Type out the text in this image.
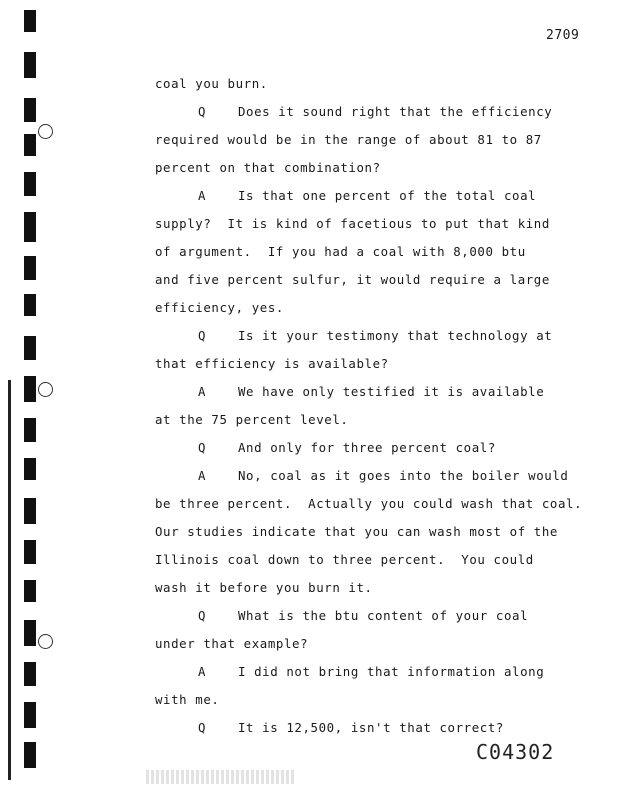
2709
coal you burn.
Q	Does it sound right that the efficiency
required would be in the range of about 81 to 87
percent on that combination?
A	Is that one percent of the total coal
supply?  It is kind of facetious to put that kind
of argument.  If you had a coal with 8,000 btu
and five percent sulfur, it would require a large
efficiency, yes.
Q	Is it your testimony that technology at
that efficiency is available?
A	We have only testified it is available
at the 75 percent level.
Q	And only for three percent coal?
A	No, coal as it goes into the boiler would
be three percent.  Actually you could wash that coal.
Our studies indicate that you can wash most of the
Illinois coal down to three percent.  You could
wash it before you burn it.
Q	What is the btu content of your coal
under that example?
A	I did not bring that information along
with me.
Q	It is 12,500, isn't that correct?
C04302
